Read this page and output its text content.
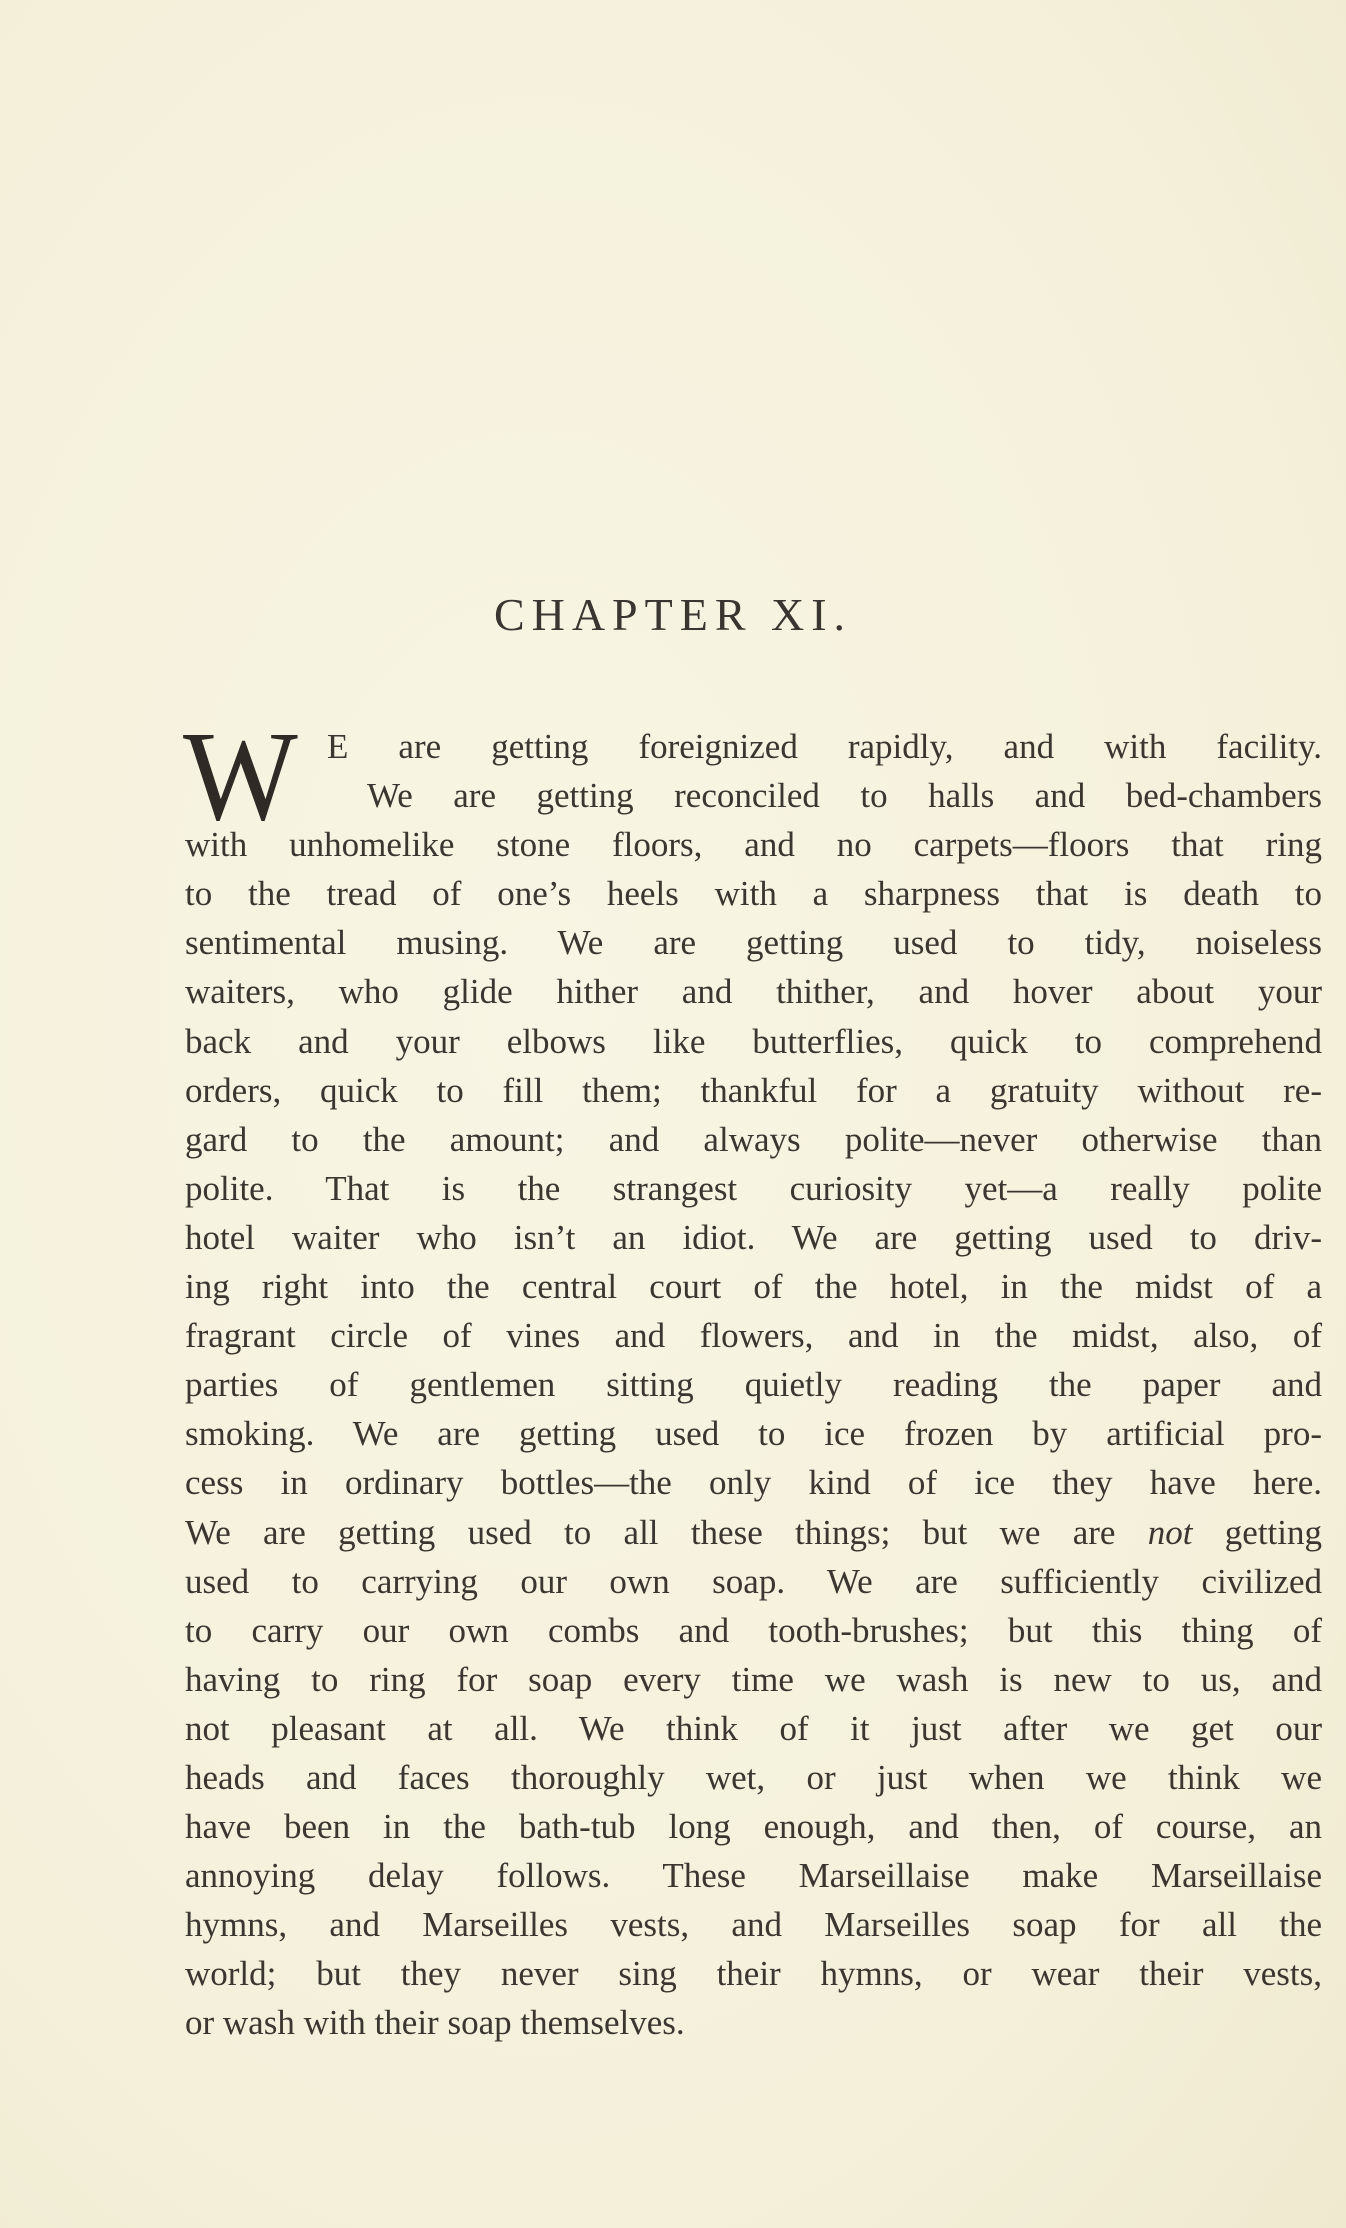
CHAPTER XI.
W E are getting foreignized rapidly, and with facility.
We are getting reconciled to halls and bed-chambers
with unhomelike stone floors, and no carpets—floors that ring
to the tread of one’s heels with a sharpness that is death to
sentimental musing. We are getting used to tidy, noiseless
waiters, who glide hither and thither, and hover about your
back and your elbows like butterflies, quick to comprehend
orders, quick to fill them; thankful for a gratuity without re-
gard to the amount; and always polite—never otherwise than
polite. That is the strangest curiosity yet—a really polite
hotel waiter who isn’t an idiot. We are getting used to driv-
ing right into the central court of the hotel, in the midst of a
fragrant circle of vines and flowers, and in the midst, also, of
parties of gentlemen sitting quietly reading the paper and
smoking. We are getting used to ice frozen by artificial pro-
cess in ordinary bottles—the only kind of ice they have here.
We are getting used to all these things; but we are not getting
used to carrying our own soap. We are sufficiently civilized
to carry our own combs and tooth-brushes; but this thing of
having to ring for soap every time we wash is new to us, and
not pleasant at all. We think of it just after we get our
heads and faces thoroughly wet, or just when we think we
have been in the bath-tub long enough, and then, of course, an
annoying delay follows. These Marseillaise make Marseillaise
hymns, and Marseilles vests, and Marseilles soap for all the
world; but they never sing their hymns, or wear their vests,
or wash with their soap themselves.
